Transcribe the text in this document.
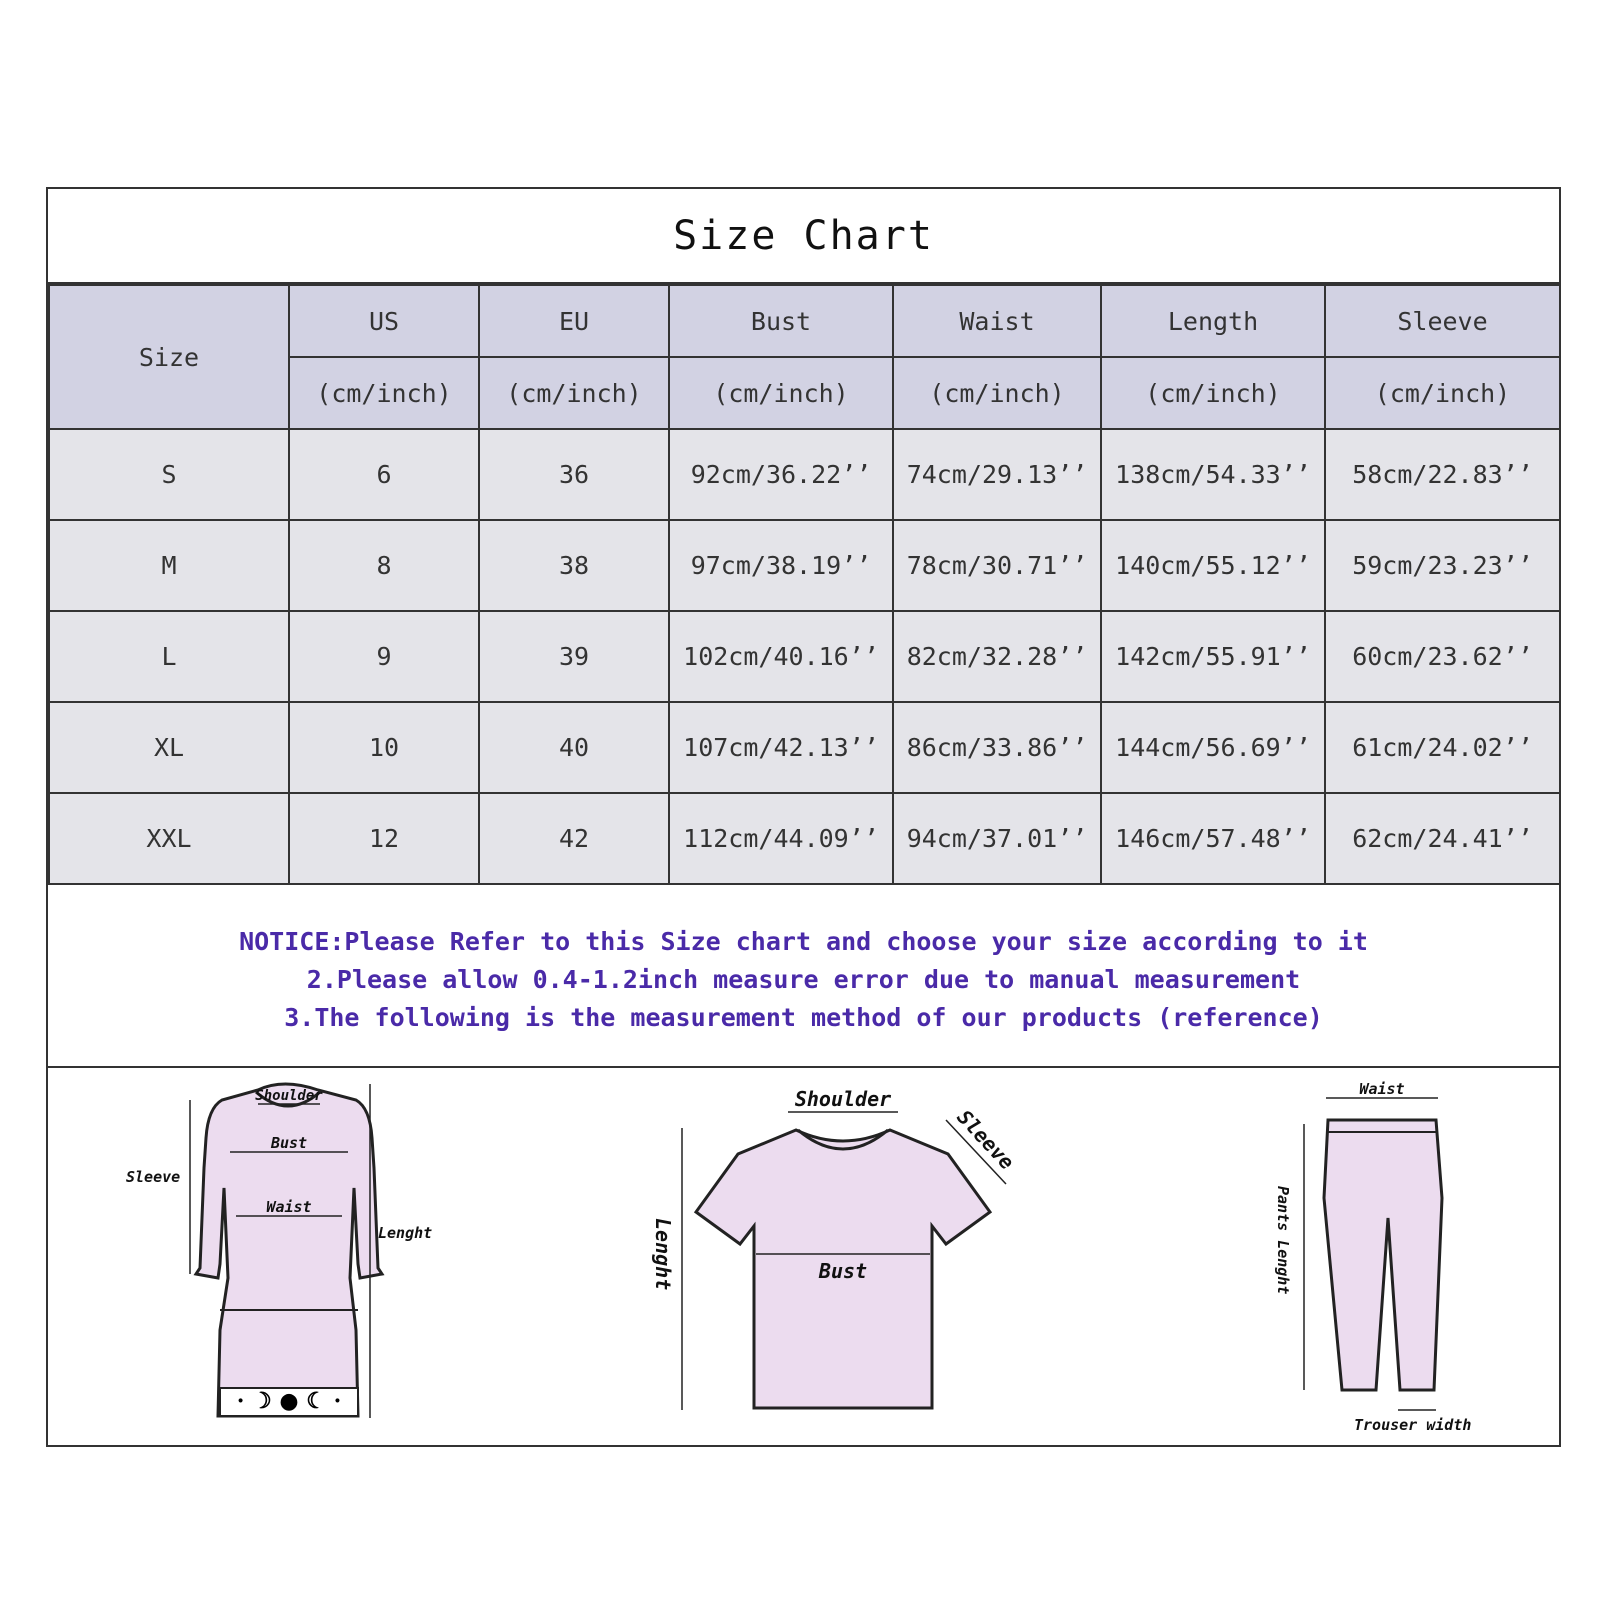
Size Chart
Size	US	EU	Bust	Waist	Length	Sleeve
	(cm/inch)	(cm/inch)	(cm/inch)	(cm/inch)	(cm/inch)	(cm/inch)
S	6	36	92cm/36.22’’	74cm/29.13’’	138cm/54.33’’	58cm/22.83’’
M	8	38	97cm/38.19’’	78cm/30.71’’	140cm/55.12’’	59cm/23.23’’
L	9	39	102cm/40.16’’	82cm/32.28’’	142cm/55.91’’	60cm/23.62’’
XL	10	40	107cm/42.13’’	86cm/33.86’’	144cm/56.69’’	61cm/24.02’’
XXL	12	42	112cm/44.09’’	94cm/37.01’’	146cm/57.48’’	62cm/24.41’’
NOTICE:Please Refer to this Size chart and choose your size according to it
2.Please allow 0.4-1.2inch measure error due to manual measurement
3.The following is the measurement method of our products (reference)
· ☽ ● ☾ ·
Shoulder
Bust
Waist
Sleeve
Lenght
Bust
Shoulder
Sleeve
Lenght
Waist
Pants Lenght
Trouser width
